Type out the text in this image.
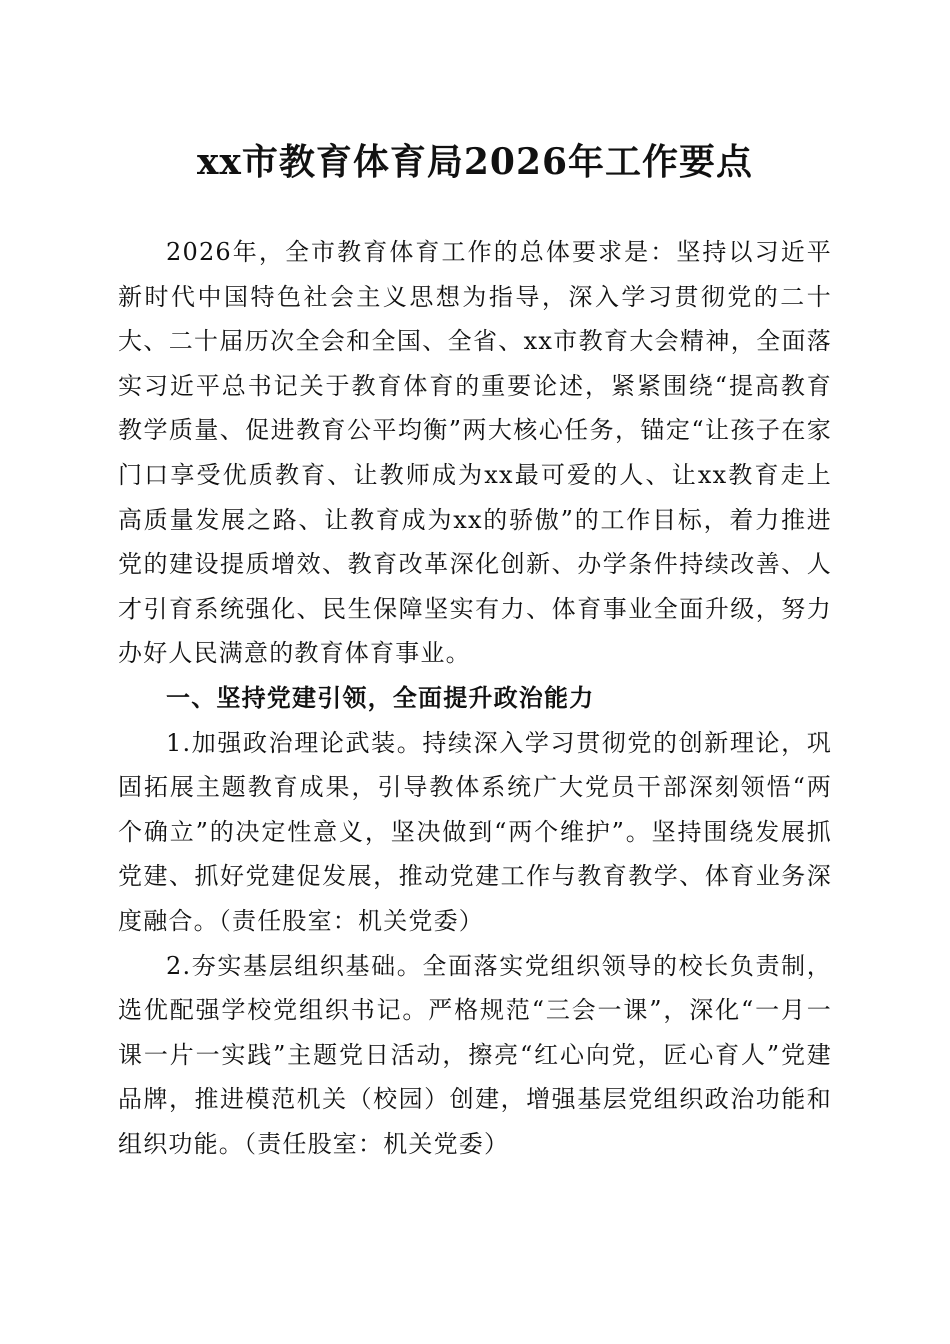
xx市教育体育局2026年工作要点

2026年，全市教育体育工作的总体要求是：坚持以习近平新时代中国特色社会主义思想为指导，深入学习贯彻党的二十大、二十届历次全会和全国、全省、xx市教育大会精神，全面落实习近平总书记关于教育体育的重要论述，紧紧围绕“提高教育教学质量、促进教育公平均衡”两大核心任务，锚定“让孩子在家门口享受优质教育、让教师成为xx最可爱的人、让xx教育走上高质量发展之路、让教育成为xx的骄傲”的工作目标，着力推进党的建设提质增效、教育改革深化创新、办学条件持续改善、人才引育系统强化、民生保障坚实有力、体育事业全面升级，努力办好人民满意的教育体育事业。

一、坚持党建引领，全面提升政治能力

1.加强政治理论武装。持续深入学习贯彻党的创新理论，巩固拓展主题教育成果，引导教体系统广大党员干部深刻领悟“两个确立”的决定性意义，坚决做到“两个维护”。坚持围绕发展抓党建、抓好党建促发展，推动党建工作与教育教学、体育业务深度融合。（责任股室：机关党委）

2.夯实基层组织基础。全面落实党组织领导的校长负责制，选优配强学校党组织书记。严格规范“三会一课”，深化“一月一课一片一实践”主题党日活动，擦亮“红心向党，匠心育人”党建品牌，推进模范机关（校园）创建，增强基层党组织政治功能和组织功能。（责任股室：机关党委）
